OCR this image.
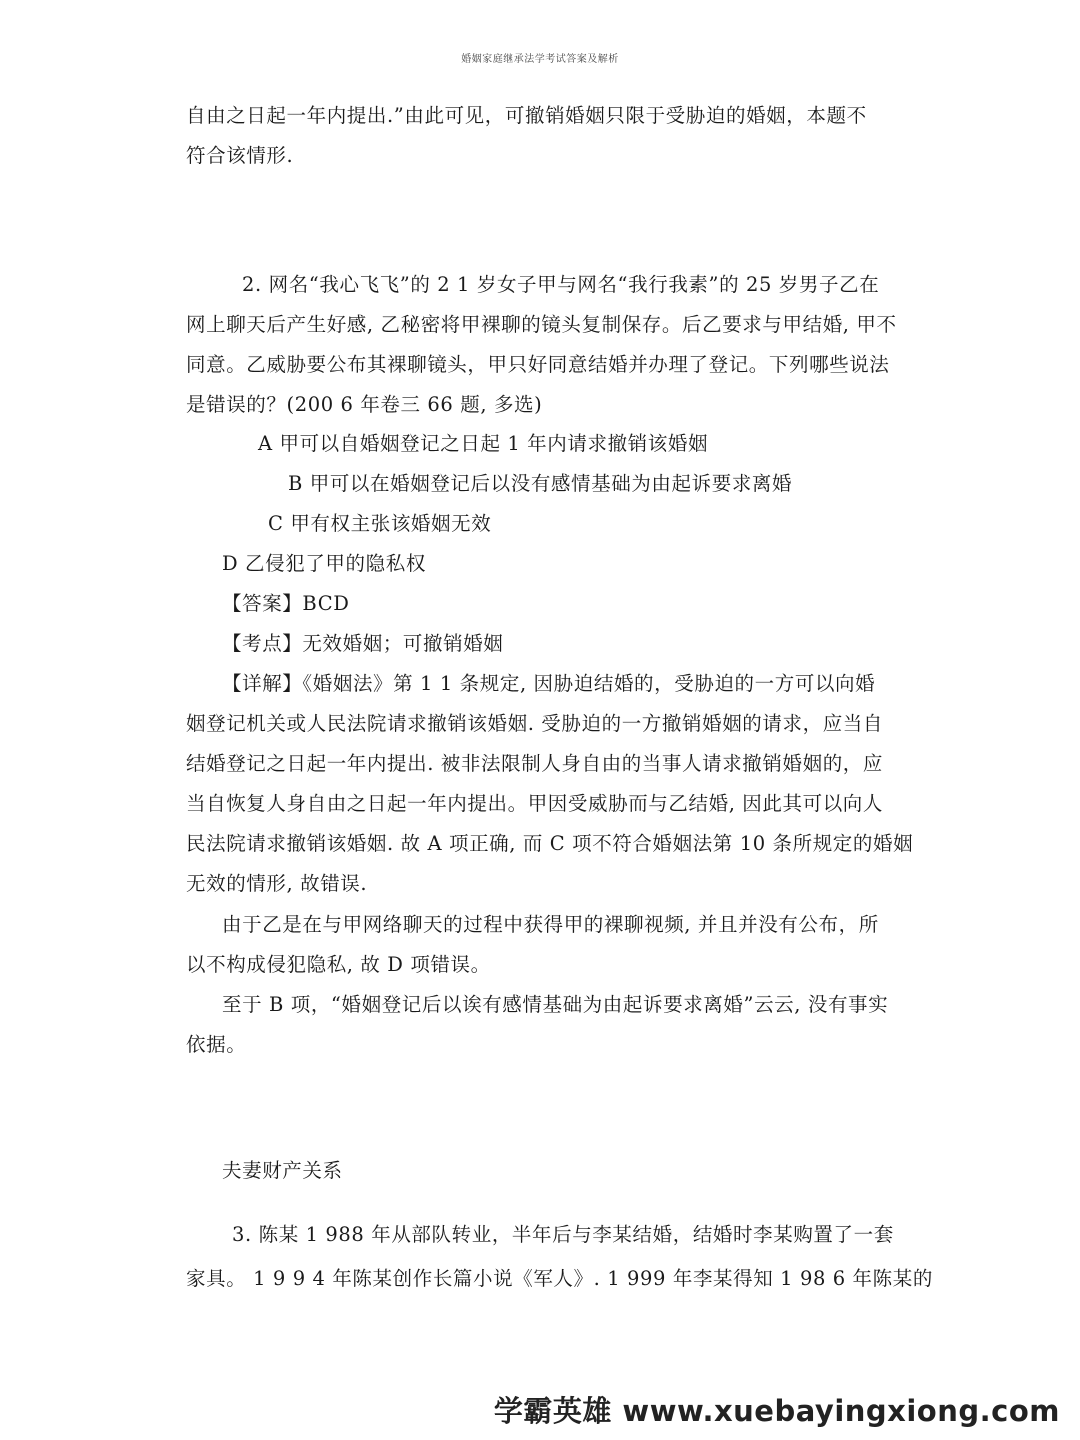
婚姻家庭继承法学考试答案及解析
自由之日起一年内提出.”由此可见，可撤销婚姻只限于受胁迫的婚姻，本题不
符合该情形.
2. 网名“我心飞飞”的 2 1 岁女子甲与网名“我行我素”的 25 岁男子乙在
网上聊天后产生好感, 乙秘密将甲裸聊的镜头复制保存。后乙要求与甲结婚, 甲不
同意。乙威胁要公布其裸聊镜头，甲只好同意结婚并办理了登记。下列哪些说法
是错误的？(200 6 年卷三 66 题, 多选)
A 甲可以自婚姻登记之日起 1 年内请求撤销该婚姻
B 甲可以在婚姻登记后以没有感情基础为由起诉要求离婚
C 甲有权主张该婚姻无效
D 乙侵犯了甲的隐私权
【答案】BCD
【考点】无效婚姻；可撤销婚姻
【详解】《婚姻法》第 1 1 条规定, 因胁迫结婚的，受胁迫的一方可以向婚
姻登记机关或人民法院请求撤销该婚姻. 受胁迫的一方撤销婚姻的请求，应当自
结婚登记之日起一年内提出. 被非法限制人身自由的当事人请求撤销婚姻的，应
当自恢复人身自由之日起一年内提出。甲因受威胁而与乙结婚, 因此其可以向人
民法院请求撤销该婚姻. 故 A 项正确, 而 C 项不符合婚姻法第 10 条所规定的婚姻
无效的情形, 故错误.
由于乙是在与甲网络聊天的过程中获得甲的裸聊视频, 并且并没有公布，所
以不构成侵犯隐私, 故 D 项错误。
至于 B 项，“婚姻登记后以诶有感情基础为由起诉要求离婚”云云, 没有事实
依据。
夫妻财产关系
3. 陈某 1 988 年从部队转业，半年后与李某结婚，结婚时李某购置了一套
家具。 1 9 9 4 年陈某创作长篇小说《军人》. 1 999 年李某得知 1 98 6 年陈某的
学霸英雄 www.xuebayingxiong.com
